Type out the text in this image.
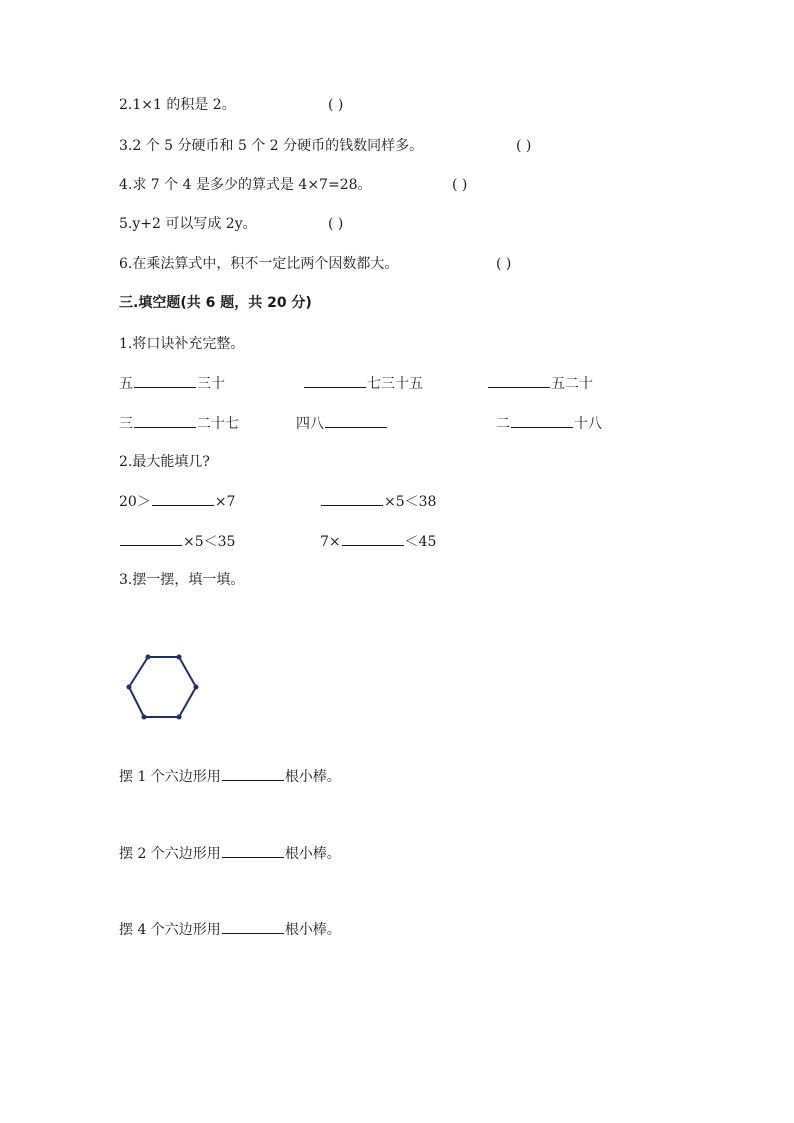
2.1×1 的积是 2。	( )
3.2 个 5 分硬币和 5 个 2 分硬币的钱数同样多。	( )
4.求 7 个 4 是多少的算式是 4×7=28。	( )
5.y+2 可以写成 2y。	( )
6.在乘法算式中，积不一定比两个因数都大。	( )
三.填空题(共 6 题，共 20 分)
1.将口诀补充完整。
五	三十	七三十五	五二十
三	二十七	四八	二	十八
2.最大能填几?
20＞	×7	×5＜38
×5＜35	7×	＜45
3.摆一摆，填一填。
摆 1 个六边形用	根小棒。
摆 2 个六边形用	根小棒。
摆 4 个六边形用	根小棒。
